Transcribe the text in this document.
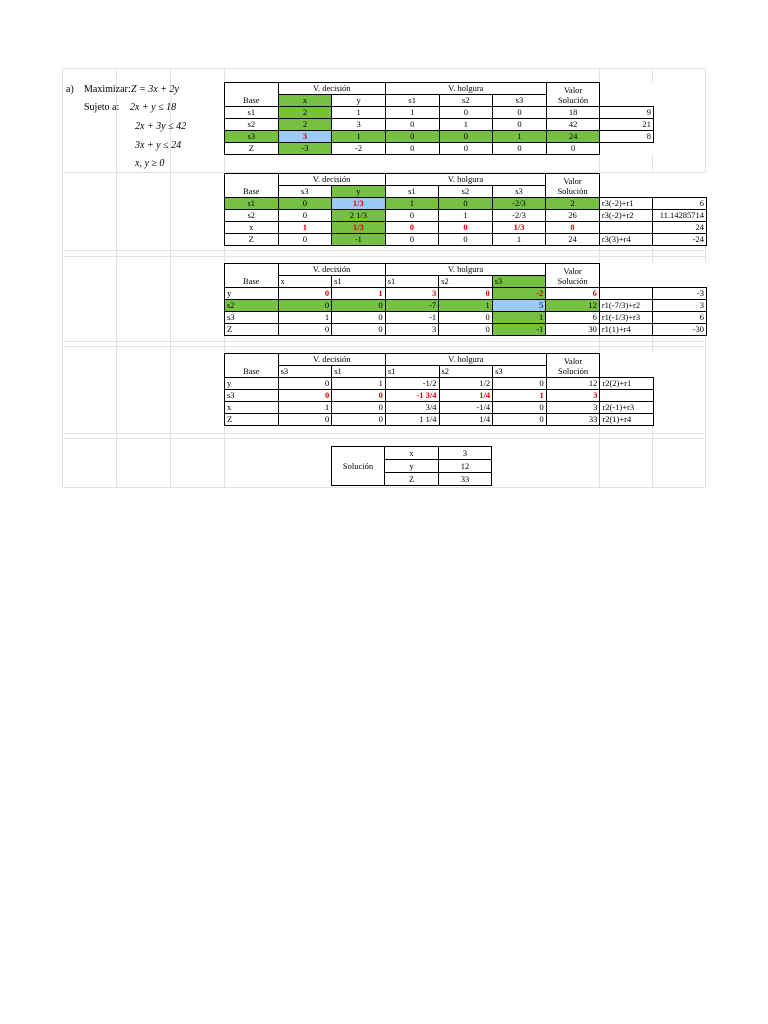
a) Maximizar: Z = 3x + 2y
Sujeto a: 2x + y ≤ 18
2x + 3y ≤ 42
3x + y ≤ 24
x, y ≥ 0
	V. decisión		V. holgura			Valor
Solución	
Base	x	y	s1	s2	s3		
s1	2	1	1	0	0	18	9
s2	2	3	0	1	0	42	21
s3	3	1	0	0	1	24	8
Z	-3	-2	0	0	0	0	
	V. decisión		V. holgura			Valor
Solución		
Base	s3	y	s1	s2	s3			
s1	0	1/3	1	0	-2/3	2	r3(-2)+r1	6
s2	0	2 1/3	0	1	-2/3	26	r3(-2)+r2	11.14285714
x	1	1/3	0	0	1/3	8		24
Z	0	-1	0	0	1	24	r3(3)+r4	-24
	V. decisión		V. holgura			Valor
Solución		
Base	x	s1	s1	s2	s3			
y	0	1	3	0	-2	6		-3
s2	0	0	-7	1	5	12	r1(-7/3)+r2	3
s3	1	0	-1	0	1	6	r1(-1/3)+r3	6
Z	0	0	3	0	-1	30	r1(1)+r4	-30
	V. decisión		V. holgura			Valor
Solución	
Base	s3	s1	s1	s2	s3		
y	0	1	-1/2	1/2	0	12	r2(2)+r1
s3	0	0	-1 3/4	1/4	1	3	
x	1	0	3/4	-1/4	0	3	r2(-1)+r3
Z	0	0	1 1/4	1/4	0	33	r2(1)+r4
Solución	x	3
	y	12
	Z	33
